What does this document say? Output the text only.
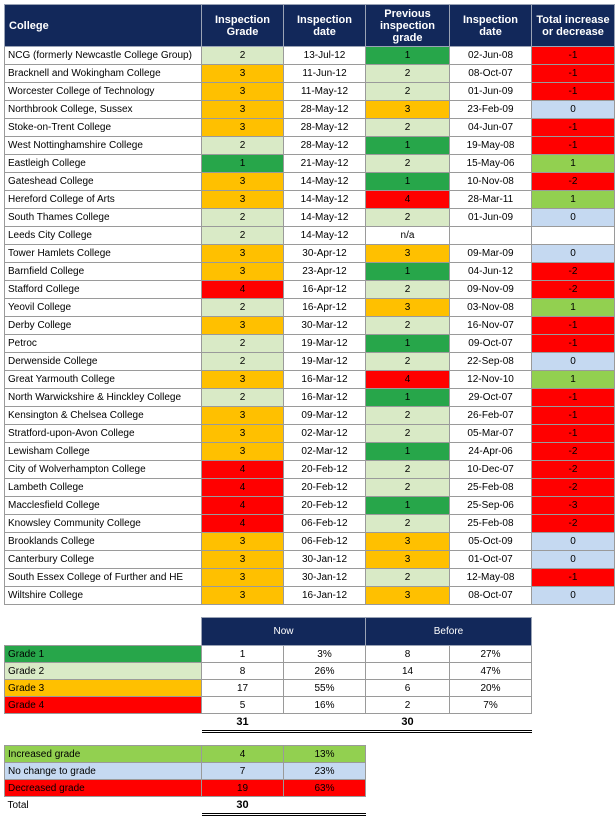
College	Inspection Grade	Inspection date	Previous inspection grade	Inspection date	Total increase or decrease
NCG (formerly Newcastle College Group)	2	13-Jul-12	1	02-Jun-08	-1
Bracknell and Wokingham College	3	11-Jun-12	2	08-Oct-07	-1
Worcester College of Technology	3	11-May-12	2	01-Jun-09	-1
Northbrook College, Sussex	3	28-May-12	3	23-Feb-09	0
Stoke-on-Trent College	3	28-May-12	2	04-Jun-07	-1
West Nottinghamshire College	2	28-May-12	1	19-May-08	-1
Eastleigh College	1	21-May-12	2	15-May-06	1
Gateshead College	3	14-May-12	1	10-Nov-08	-2
Hereford College of Arts	3	14-May-12	4	28-Mar-11	1
South Thames College	2	14-May-12	2	01-Jun-09	0
Leeds City College	2	14-May-12	n/a		
Tower Hamlets College	3	30-Apr-12	3	09-Mar-09	0
Barnfield College	3	23-Apr-12	1	04-Jun-12	-2
Stafford College	4	16-Apr-12	2	09-Nov-09	-2
Yeovil College	2	16-Apr-12	3	03-Nov-08	1
Derby College	3	30-Mar-12	2	16-Nov-07	-1
Petroc	2	19-Mar-12	1	09-Oct-07	-1
Derwenside College	2	19-Mar-12	2	22-Sep-08	0
Great Yarmouth College	3	16-Mar-12	4	12-Nov-10	1
North Warwickshire & Hinckley College	2	16-Mar-12	1	29-Oct-07	-1
Kensington & Chelsea College	3	09-Mar-12	2	26-Feb-07	-1
Stratford-upon-Avon College	3	02-Mar-12	2	05-Mar-07	-1
Lewisham College	3	02-Mar-12	1	24-Apr-06	-2
City of Wolverhampton College	4	20-Feb-12	2	10-Dec-07	-2
Lambeth College	4	20-Feb-12	2	25-Feb-08	-2
Macclesfield College	4	20-Feb-12	1	25-Sep-06	-3
Knowsley Community College	4	06-Feb-12	2	25-Feb-08	-2
Brooklands College	3	06-Feb-12	3	05-Oct-09	0
Canterbury College	3	30-Jan-12	3	01-Oct-07	0
South Essex College of Further and HE	3	30-Jan-12	2	12-May-08	-1
Wiltshire College	3	16-Jan-12	3	08-Oct-07	0
	Now		Before	
Grade 1	1	3%	8	27%
Grade 2	8	26%	14	47%
Grade 3	17	55%	6	20%
Grade 4	5	16%	2	7%
	31		30	
Increased grade	4	13%
No change to grade	7	23%
Decreased grade	19	63%
Total	30	
